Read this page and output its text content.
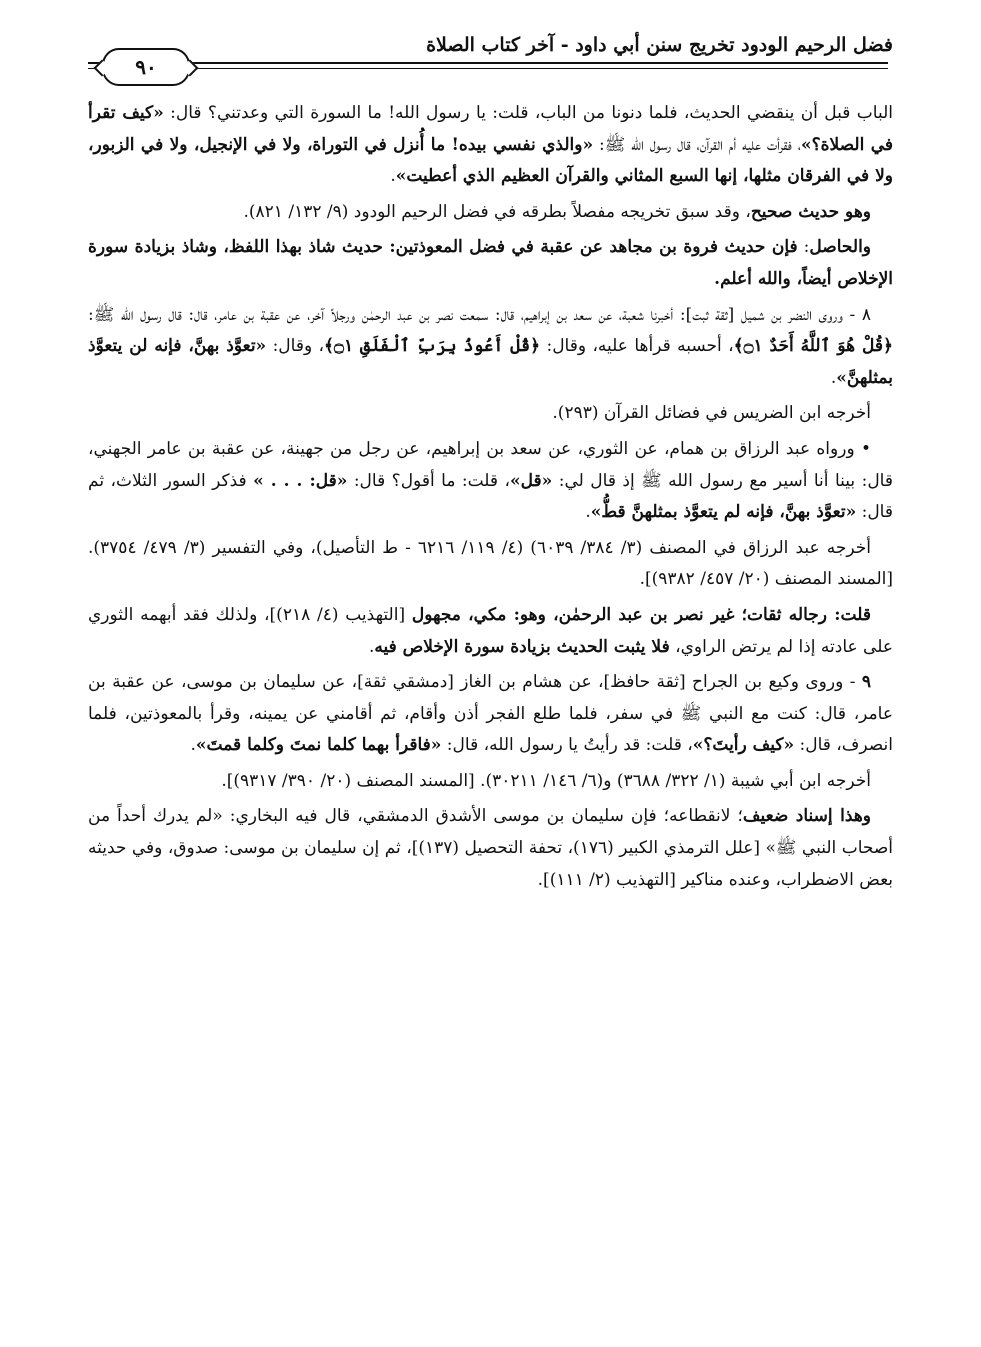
فضل الرحيم الودود تخريج سنن أبي داود - آخر كتاب الصلاة
٩٠

الباب قبل أن ينقضي الحديث، فلما دنونا من الباب، قلت: يا رسول الله! ما السورة التي وعدتني؟ قال: «كيف تقرأ في الصلاة؟»، فقرأت عليه أم القرآن، قال رسول الله ﷺ: «والذي نفسي بيده! ما أُنزل في التوراة، ولا في الإنجيل، ولا في الزبور، ولا في الفرقان مثلها، إنها السبع المثاني والقرآن العظيم الذي أعطيت».

وهو حديث صحيح، وقد سبق تخريجه مفصلاً بطرقه في فضل الرحيم الودود (٩/ ١٣٢/ ٨٢١).

والحاصل: فإن حديث فروة بن مجاهد عن عقبة في فضل المعوذتين: حديث شاذ بهذا اللفظ، وشاذ بزيادة سورة الإخلاص أيضاً، والله أعلم.

٨ - وروى النضر بن شميل [ثقة ثبت]: أخبرنا شعبة، عن سعد بن إبراهيم، قال: سمعت نصر بن عبد الرحمٰن ورجلاً آخر، عن عقبة بن عامر، قال: قال رسول الله ﷺ: ﴿قُلْ هُوَ ٱللَّهُ أَحَدٌ ۝١﴾، أحسبه قرأها عليه، وقال: ﴿قُلْ أَعُوذُ بِرَبِّ ٱلْفَلَقِ ۝١﴾، وقال: «تعوَّذ بهنَّ، فإنه لن يتعوَّذ بمثلهنَّ».

أخرجه ابن الضريس في فضائل القرآن (٢٩٣).

• ورواه عبد الرزاق بن همام، عن الثوري، عن سعد بن إبراهيم، عن رجل من جهينة، عن عقبة بن عامر الجهني، قال: بينا أنا أسير مع رسول الله ﷺ إذ قال لي: «قل»، قلت: ما أقول؟ قال: «قل: . . . » فذكر السور الثلاث، ثم قال: «تعوَّذ بهنَّ، فإنه لم يتعوَّذ بمثلهنَّ قطُّ».

أخرجه عبد الرزاق في المصنف (٣/ ٣٨٤/ ٦٠٣٩) (٤/ ١١٩/ ٦٢١٦ - ط التأصيل)، وفي التفسير (٣/ ٤٧٩/ ٣٧٥٤). [المسند المصنف (٢٠/ ٤٥٧/ ٩٣٨٢)].

قلت: رجاله ثقات؛ غير نصر بن عبد الرحمٰن، وهو: مكي، مجهول [التهذيب (٤/ ٢١٨)]، ولذلك فقد أبهمه الثوري على عادته إذا لم يرتض الراوي، فلا يثبت الحديث بزيادة سورة الإخلاص فيه.

٩ - وروى وكيع بن الجراح [ثقة حافظ]، عن هشام بن الغاز [دمشقي ثقة]، عن سليمان بن موسى، عن عقبة بن عامر، قال: كنت مع النبي ﷺ في سفر، فلما طلع الفجر أذن وأقام، ثم أقامني عن يمينه، وقرأ بالمعوذتين، فلما انصرف، قال: «كيف رأيتَ؟»، قلت: قد رأيتُ يا رسول الله، قال: «فاقرأ بهما كلما نمتَ وكلما قمتَ».

أخرجه ابن أبي شيبة (١/ ٣٢٢/ ٣٦٨٨) و(٦/ ١٤٦/ ٣٠٢١١). [المسند المصنف (٢٠/ ٣٩٠/ ٩٣١٧)].

وهذا إسناد ضعيف؛ لانقطاعه؛ فإن سليمان بن موسى الأشدق الدمشقي، قال فيه البخاري: «لم يدرك أحداً من أصحاب النبي ﷺ» [علل الترمذي الكبير (١٧٦)، تحفة التحصيل (١٣٧)]، ثم إن سليمان بن موسى: صدوق، وفي حديثه بعض الاضطراب، وعنده مناكير [التهذيب (٢/ ١١١)].
